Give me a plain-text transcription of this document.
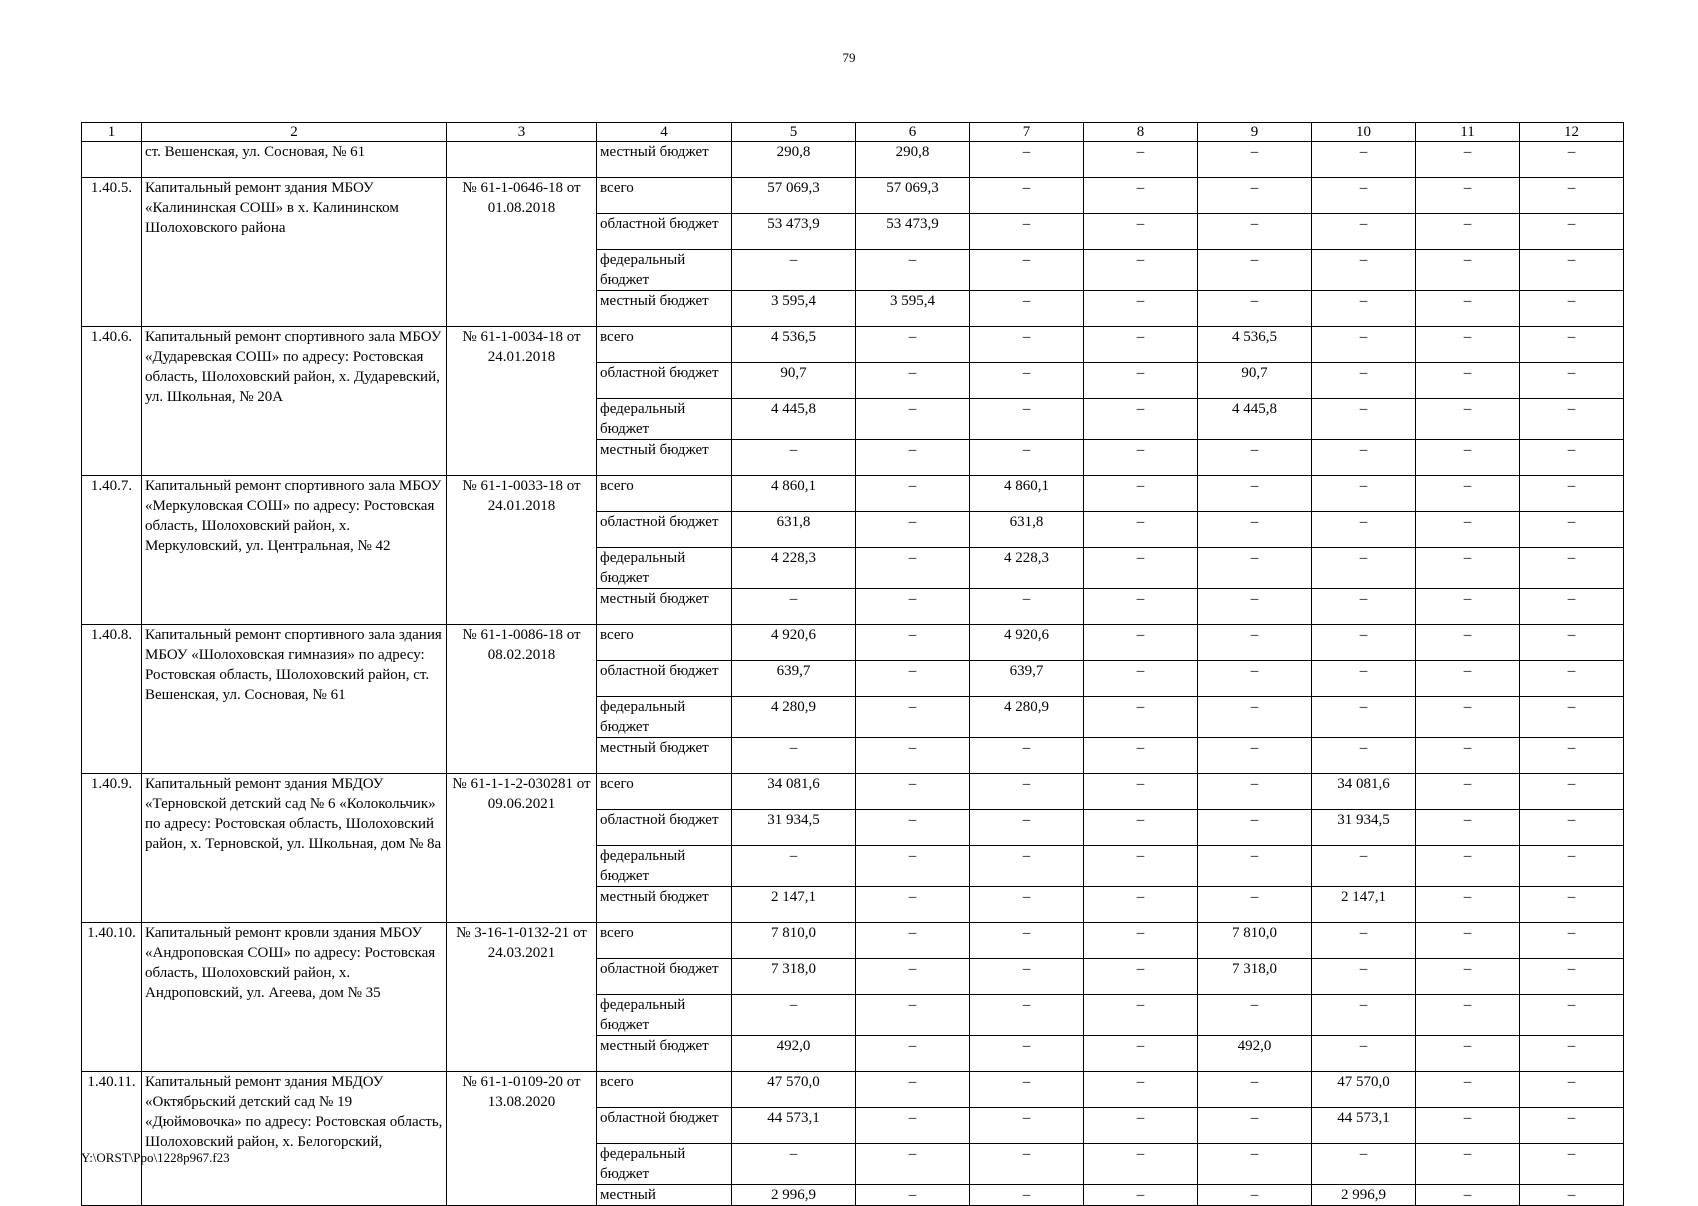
79
1	2	3	4	5	6	7	8	9	10	11	12
	ст. Вешенская, ул. Сосновая, № 61		местный бюджет	290,8	290,8	–	–	–	–	–	–
1.40.5.	Капитальный ремонт здания МБОУ «Калининская СОШ» в х. Калининском Шолоховского района	№ 61-1-0646-18 от 01.08.2018	всего	57 069,3	57 069,3	–	–	–	–	–	–
			областной бюджет	53 473,9	53 473,9	–	–	–	–	–	–
			федеральный бюджет	–	–	–	–	–	–	–	–
			местный бюджет	3 595,4	3 595,4	–	–	–	–	–	–
1.40.6.	Капитальный ремонт спортивного зала МБОУ «Дударевская СОШ» по адресу: Ростовская область, Шолоховский район, х. Дударевский, ул. Школьная, № 20А	№ 61-1-0034-18 от 24.01.2018	всего	4 536,5	–	–	–	4 536,5	–	–	–
			областной бюджет	90,7	–	–	–	90,7	–	–	–
			федеральный бюджет	4 445,8	–	–	–	4 445,8	–	–	–
			местный бюджет	–	–	–	–	–	–	–	–
1.40.7.	Капитальный ремонт спортивного зала МБОУ «Меркуловская СОШ» по адресу: Ростовская область, Шолоховский район, х. Меркуловский, ул. Центральная, № 42	№ 61-1-0033-18 от 24.01.2018	всего	4 860,1	–	4 860,1	–	–	–	–	–
			областной бюджет	631,8	–	631,8	–	–	–	–	–
			федеральный бюджет	4 228,3	–	4 228,3	–	–	–	–	–
			местный бюджет	–	–	–	–	–	–	–	–
1.40.8.	Капитальный ремонт спортивного зала здания МБОУ «Шолоховская гимназия» по адресу: Ростовская область, Шолоховский район, ст. Вешенская, ул. Сосновая, № 61	№ 61-1-0086-18 от 08.02.2018	всего	4 920,6	–	4 920,6	–	–	–	–	–
			областной бюджет	639,7	–	639,7	–	–	–	–	–
			федеральный бюджет	4 280,9	–	4 280,9	–	–	–	–	–
			местный бюджет	–	–	–	–	–	–	–	–
1.40.9.	Капитальный ремонт здания МБДОУ «Терновской детский сад № 6 «Колокольчик» по адресу: Ростовская область, Шолоховский район, х. Терновской, ул. Школьная, дом № 8а	№ 61-1-1-2-030281 от 09.06.2021	всего	34 081,6	–	–	–	–	34 081,6	–	–
			областной бюджет	31 934,5	–	–	–	–	31 934,5	–	–
			федеральный бюджет	–	–	–	–	–	–	–	–
			местный бюджет	2 147,1	–	–	–	–	2 147,1	–	–
1.40.10.	Капитальный ремонт кровли здания МБОУ «Андроповская СОШ» по адресу: Ростовская область, Шолоховский район, х. Андроповский, ул. Агеева, дом № 35	№ 3-16-1-0132-21 от 24.03.2021	всего	7 810,0	–	–	–	7 810,0	–	–	–
			областной бюджет	7 318,0	–	–	–	7 318,0	–	–	–
			федеральный бюджет	–	–	–	–	–	–	–	–
			местный бюджет	492,0	–	–	–	492,0	–	–	–
1.40.11.	Капитальный ремонт здания МБДОУ «Октябрьский детский сад № 19 «Дюймовочка» по адресу: Ростовская область, Шолоховский район, х. Белогорский,	№ 61-1-0109-20 от 13.08.2020	всего	47 570,0	–	–	–	–	47 570,0	–	–
			областной бюджет	44 573,1	–	–	–	–	44 573,1	–	–
			федеральный бюджет	–	–	–	–	–	–	–	–
			местный	2 996,9	–	–	–	–	2 996,9	–	–
Y:\ORST\Ppo\1228p967.f23
